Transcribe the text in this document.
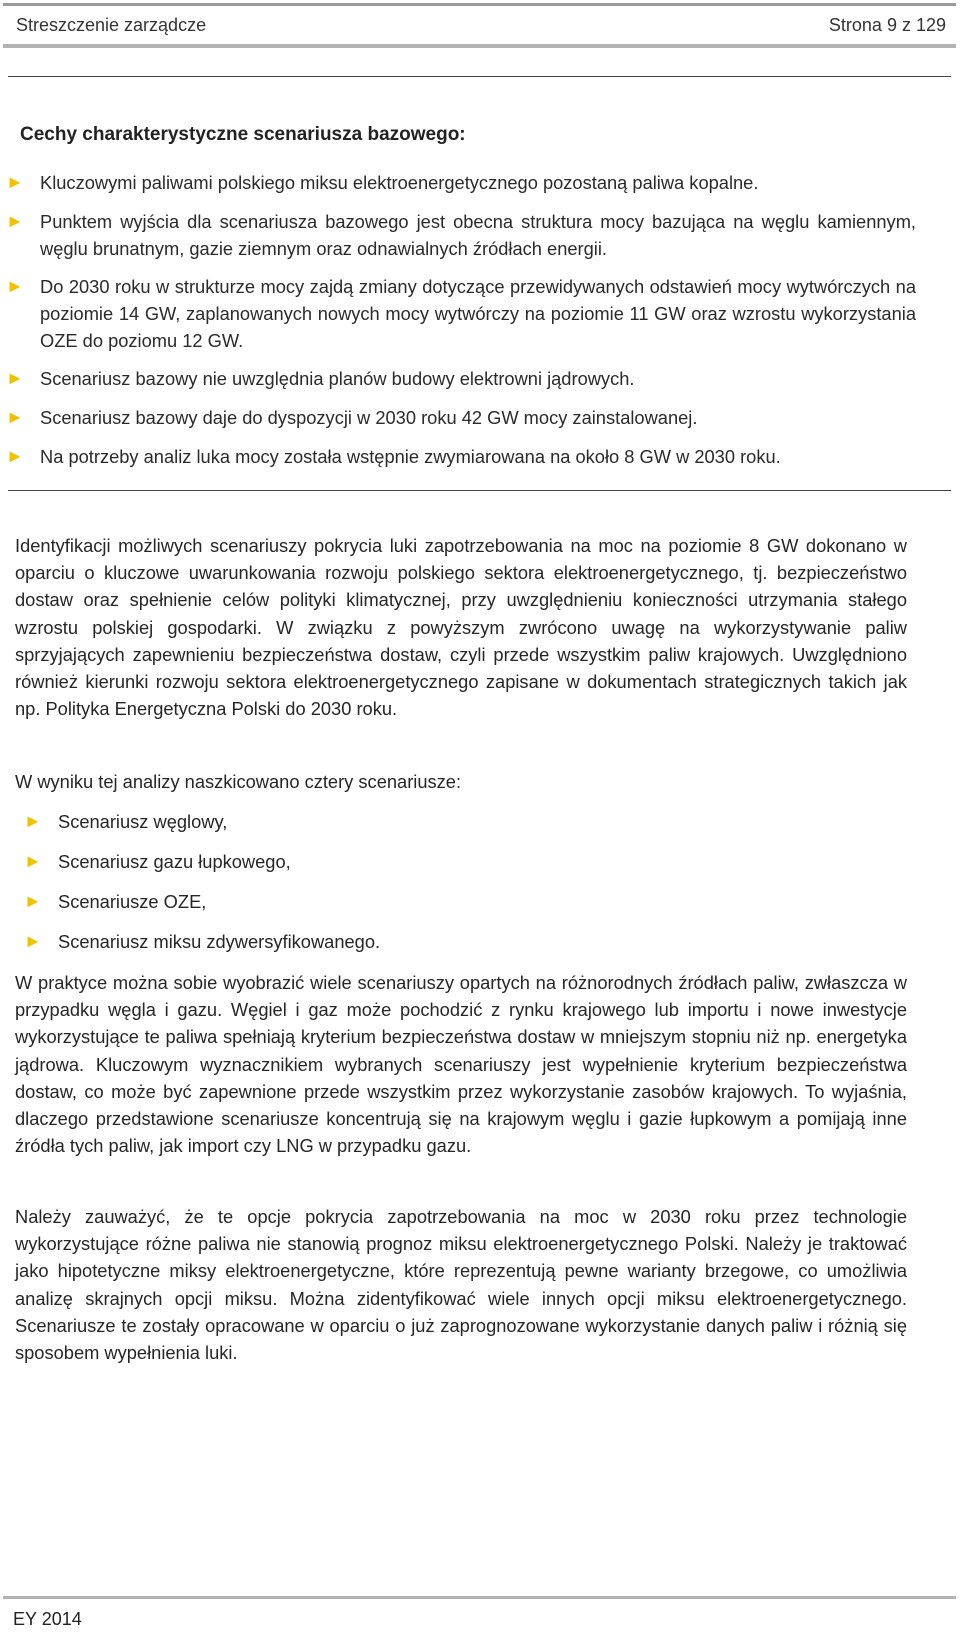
Streszczenie zarządcze	Strona 9 z 129
Cechy charakterystyczne scenariusza bazowego:
► Kluczowymi paliwami polskiego miksu elektroenergetycznego pozostaną paliwa kopalne.
► Punktem wyjścia dla scenariusza bazowego jest obecna struktura mocy bazująca na węglu kamiennym, węglu brunatnym, gazie ziemnym oraz odnawialnych źródłach energii.
► Do 2030 roku w strukturze mocy zajdą zmiany dotyczące przewidywanych odstawień mocy wytwórczych na poziomie 14 GW, zaplanowanych nowych mocy wytwórczy na poziomie 11 GW oraz wzrostu wykorzystania OZE do poziomu 12 GW.
► Scenariusz bazowy nie uwzględnia planów budowy elektrowni jądrowych.
► Scenariusz bazowy daje do dyspozycji w 2030 roku 42 GW mocy zainstalowanej.
► Na potrzeby analiz luka mocy została wstępnie zwymiarowana na około 8 GW w 2030 roku.

Identyfikacji możliwych scenariuszy pokrycia luki zapotrzebowania na moc na poziomie 8 GW dokonano w oparciu o kluczowe uwarunkowania rozwoju polskiego sektora elektroenergetycznego, tj. bezpieczeństwo dostaw oraz spełnienie celów polityki klimatycznej, przy uwzględnieniu konieczności utrzymania stałego wzrostu polskiej gospodarki. W związku z powyższym zwrócono uwagę na wykorzystywanie paliw sprzyjających zapewnieniu bezpieczeństwa dostaw, czyli przede wszystkim paliw krajowych. Uwzględniono również kierunki rozwoju sektora elektroenergetycznego zapisane w dokumentach strategicznych takich jak np. Polityka Energetyczna Polski do 2030 roku.

W wyniku tej analizy naszkicowano cztery scenariusze:

► Scenariusz węglowy,
► Scenariusz gazu łupkowego,
► Scenariusze OZE,
► Scenariusz miksu zdywersyfikowanego.

W praktyce można sobie wyobrazić wiele scenariuszy opartych na różnorodnych źródłach paliw, zwłaszcza w przypadku węgla i gazu. Węgiel i gaz może pochodzić z rynku krajowego lub importu i nowe inwestycje wykorzystujące te paliwa spełniają kryterium bezpieczeństwa dostaw w mniejszym stopniu niż np. energetyka jądrowa. Kluczowym wyznacznikiem wybranych scenariuszy jest wypełnienie kryterium bezpieczeństwa dostaw, co może być zapewnione przede wszystkim przez wykorzystanie zasobów krajowych. To wyjaśnia, dlaczego przedstawione scenariusze koncentrują się na krajowym węglu i gazie łupkowym a pomijają inne źródła tych paliw, jak import czy LNG w przypadku gazu.

Należy zauważyć, że te opcje pokrycia zapotrzebowania na moc w 2030 roku przez technologie wykorzystujące różne paliwa nie stanowią prognoz miksu elektroenergetycznego Polski. Należy je traktować jako hipotetyczne miksy elektroenergetyczne, które reprezentują pewne warianty brzegowe, co umożliwia analizę skrajnych opcji miksu. Można zidentyfikować wiele innych opcji miksu elektroenergetycznego. Scenariusze te zostały opracowane w oparciu o już zaprognozowane wykorzystanie danych paliw i różnią się sposobem wypełnienia luki.

EY 2014
